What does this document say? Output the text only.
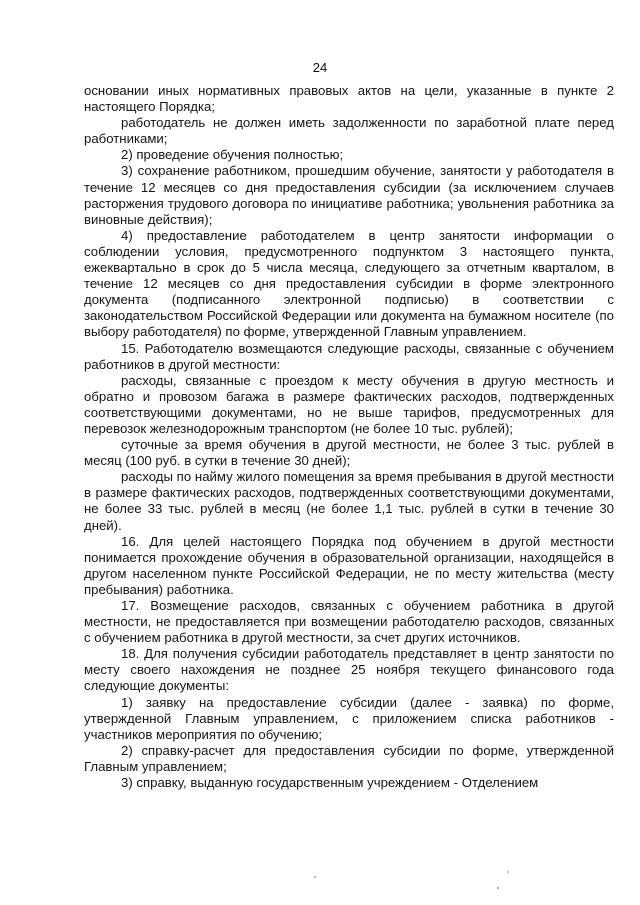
24

основании иных нормативных правовых актов на цели, указанные в пункте 2 настоящего Порядка;

работодатель не должен иметь задолженности по заработной плате перед работниками;

2) проведение обучения полностью;

3) сохранение работником, прошедшим обучение, занятости у работодателя в течение 12 месяцев со дня предоставления субсидии (за исключением случаев расторжения трудового договора по инициативе работника; увольнения работника за виновные действия);

4) предоставление работодателем в центр занятости информации о соблюдении условия, предусмотренного подпунктом 3 настоящего пункта, ежеквартально в срок до 5 числа месяца, следующего за отчетным кварталом, в течение 12 месяцев со дня предоставления субсидии в форме электронного документа (подписанного электронной подписью) в соответствии с законодательством Российской Федерации или документа на бумажном носителе (по выбору работодателя) по форме, утвержденной Главным управлением.

15. Работодателю возмещаются следующие расходы, связанные с обучением работников в другой местности:

расходы, связанные с проездом к месту обучения в другую местность и обратно и провозом багажа в размере фактических расходов, подтвержденных соответствующими документами, но не выше тарифов, предусмотренных для перевозок железнодорожным транспортом (не более 10 тыс. рублей);

суточные за время обучения в другой местности, не более 3 тыс. рублей в месяц (100 руб. в сутки в течение 30 дней);

расходы по найму жилого помещения за время пребывания в другой местности в размере фактических расходов, подтвержденных соответствующими документами, не более 33 тыс. рублей в месяц (не более 1,1 тыс. рублей в сутки в течение 30 дней).

16. Для целей настоящего Порядка под обучением в другой местности понимается прохождение обучения в образовательной организации, находящейся в другом населенном пункте Российской Федерации, не по месту жительства (месту пребывания) работника.

17. Возмещение расходов, связанных с обучением работника в другой местности, не предоставляется при возмещении работодателю расходов, связанных с обучением работника в другой местности, за счет других источников.

18. Для получения субсидии работодатель представляет в центр занятости по месту своего нахождения не позднее 25 ноября текущего финансового года следующие документы:

1) заявку на предоставление субсидии (далее - заявка) по форме, утвержденной Главным управлением, с приложением списка работников - участников мероприятия по обучению;

2) справку-расчет для предоставления субсидии по форме, утвержденной Главным управлением;

3) справку, выданную государственным учреждением - Отделением
